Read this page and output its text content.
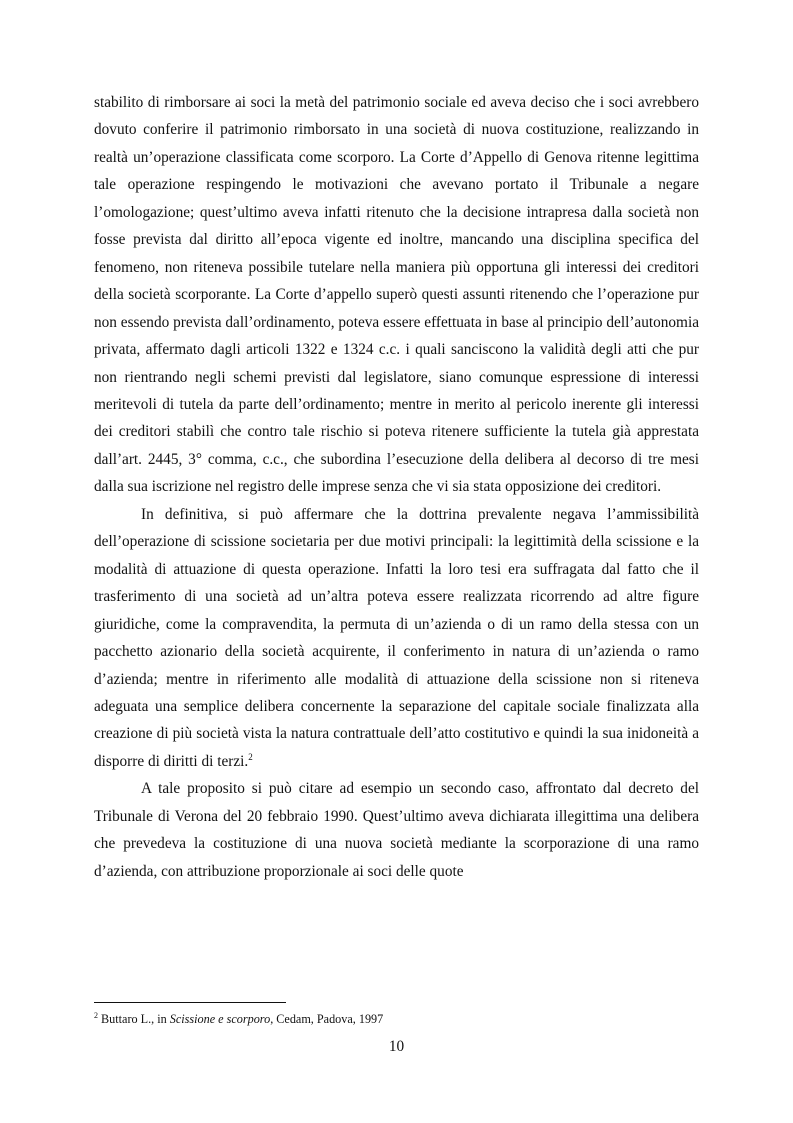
stabilito di rimborsare ai soci la metà del patrimonio sociale ed aveva deciso che i soci avrebbero dovuto conferire il patrimonio rimborsato in una società di nuova costituzione, realizzando in realtà un’operazione classificata come scorporo. La Corte d’Appello di Genova ritenne legittima tale operazione respingendo le motivazioni che avevano portato il Tribunale a negare l’omologazione; quest’ultimo aveva infatti ritenuto che la decisione intrapresa dalla società non fosse prevista dal diritto all’epoca vigente ed inoltre, mancando una disciplina specifica del fenomeno, non riteneva possibile tutelare nella maniera più opportuna gli interessi dei creditori della società scorporante. La Corte d’appello superò questi assunti ritenendo che l’operazione pur non essendo prevista dall’ordinamento, poteva essere effettuata in base al principio dell’autonomia privata, affermato dagli articoli 1322 e 1324 c.c. i quali sanciscono la validità degli atti che pur non rientrando negli schemi previsti dal legislatore, siano comunque espressione di interessi meritevoli di tutela da parte dell’ordinamento; mentre in merito al pericolo inerente gli interessi dei creditori stabilì che contro tale rischio si poteva ritenere sufficiente la tutela già apprestata dall’art. 2445, 3° comma, c.c., che subordina l’esecuzione della delibera al decorso di tre mesi dalla sua iscrizione nel registro delle imprese senza che vi sia stata opposizione dei creditori.

In definitiva, si può affermare che la dottrina prevalente negava l’ammissibilità dell’operazione di scissione societaria per due motivi principali: la legittimità della scissione e la modalità di attuazione di questa operazione. Infatti la loro tesi era suffragata dal fatto che il trasferimento di una società ad un’altra poteva essere realizzata ricorrendo ad altre figure giuridiche, come la compravendita, la permuta di un’azienda o di un ramo della stessa con un pacchetto azionario della società acquirente, il conferimento in natura di un’azienda o ramo d’azienda; mentre in riferimento alle modalità di attuazione della scissione non si riteneva adeguata una semplice delibera concernente la separazione del capitale sociale finalizzata alla creazione di più società vista la natura contrattuale dell’atto costitutivo e quindi la sua inidoneità a disporre di diritti di terzi.$^2$

A tale proposito si può citare ad esempio un secondo caso, affrontato dal decreto del Tribunale di Verona del 20 febbraio 1990. Quest’ultimo aveva dichiarata illegittima una delibera che prevedeva la costituzione di una nuova società mediante la scorporazione di una ramo d’azienda, con attribuzione proporzionale ai soci delle quote

$^2$ Buttaro L., in Scissione e scorporo, Cedam, Padova, 1997
10
